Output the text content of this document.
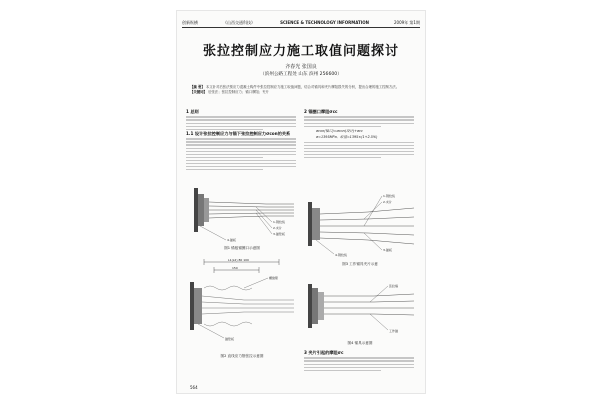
创新纵横	《山西交通科技》	SCIENCE & TECHNOLOGY INFORMATION	2009年 第1期
张拉控制应力施工取值问题探讨
齐春光 张国良
（滨州公路工程处 山东 滨州 256600）
【摘 要】 本文针对后张法预应力混凝土构件中张拉控制应力施工取值问题，结合对锚具和夹片摩阻损失的分析，提出合理的施工控制方法。
【关键词】 后张法；张拉控制应力；锚口摩阻；夹片
1 总则
1.1 设计张拉控制应力与锚下张拉控制应力σcon的关系
2 锚圈口摩阻σcc
σcon(锚口)=σcon(设计)+σcc
σ=1395MPa，取值=1395×(1+2.5%)
1.钢绞线
2.夹片
3.锚垫板
4.锚板
图1 锚板锚圈口示意图
L1(L2) 80 100
150
螺旋筋
锚垫板
图2 直线应力筋张拉示意图
1.钢绞线
2.夹片
3.锚板
4.钢绞线
图3 工作锚具夹片示意
张拉端
工作锚
图4 锚具示意图
3 夹片引起的摩阻σc
564
